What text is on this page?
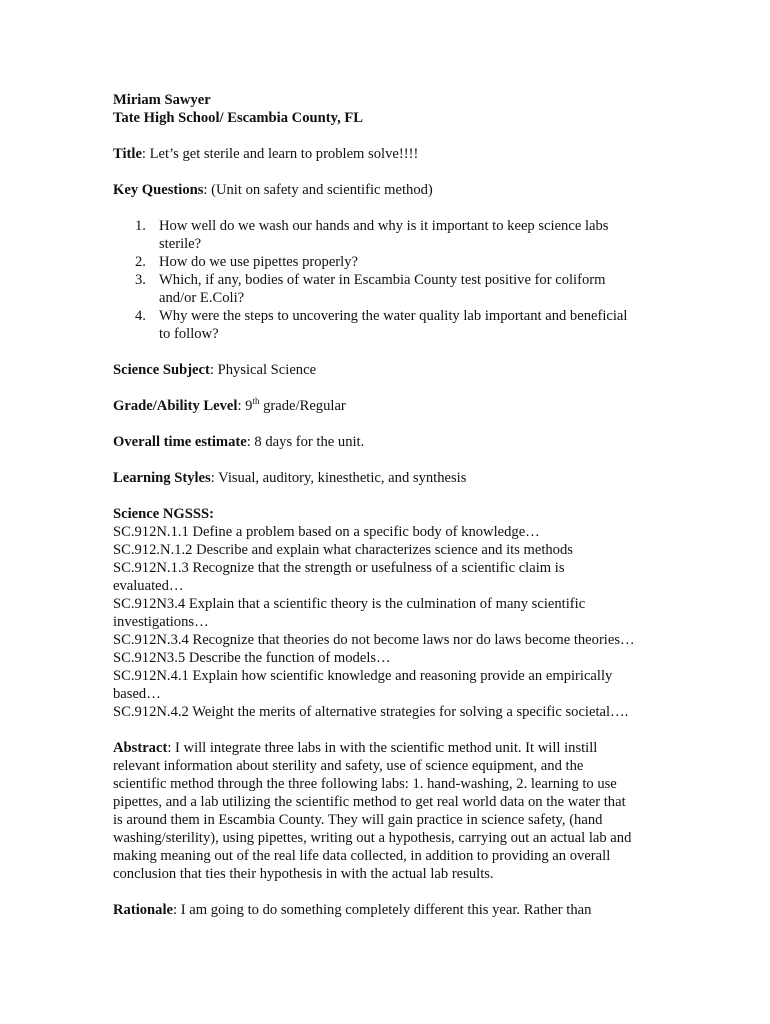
Miriam Sawyer
Tate High School/ Escambia County, FL
Title: Let’s get sterile and learn to problem solve!!!!
Key Questions: (Unit on safety and scientific method)
1. How well do we wash our hands and why is it important to keep science labs
sterile?
2. How do we use pipettes properly?
3. Which, if any, bodies of water in Escambia County test positive for coliform
and/or E.Coli?
4. Why were the steps to uncovering the water quality lab important and beneficial
to follow?
Science Subject: Physical Science
Grade/Ability Level: 9th grade/Regular
Overall time estimate: 8 days for the unit.
Learning Styles: Visual, auditory, kinesthetic, and synthesis
Science NGSSS:
SC.912N.1.1 Define a problem based on a specific body of knowledge…
SC.912.N.1.2 Describe and explain what characterizes science and its methods
SC.912N.1.3 Recognize that the strength or usefulness of a scientific claim is
evaluated…
SC.912N3.4 Explain that a scientific theory is the culmination of many scientific
investigations…
SC.912N.3.4 Recognize that theories do not become laws nor do laws become theories…
SC.912N3.5 Describe the function of models…
SC.912N.4.1 Explain how scientific knowledge and reasoning provide an empirically
based…
SC.912N.4.2 Weight the merits of alternative strategies for solving a specific societal….
Abstract: I will integrate three labs in with the scientific method unit. It will instill
relevant information about sterility and safety, use of science equipment, and the
scientific method through the three following labs: 1. hand-washing, 2. learning to use
pipettes, and a lab utilizing the scientific method to get real world data on the water that
is around them in Escambia County. They will gain practice in science safety, (hand
washing/sterility), using pipettes, writing out a hypothesis, carrying out an actual lab and
making meaning out of the real life data collected, in addition to providing an overall
conclusion that ties their hypothesis in with the actual lab results.
Rationale: I am going to do something completely different this year. Rather than
